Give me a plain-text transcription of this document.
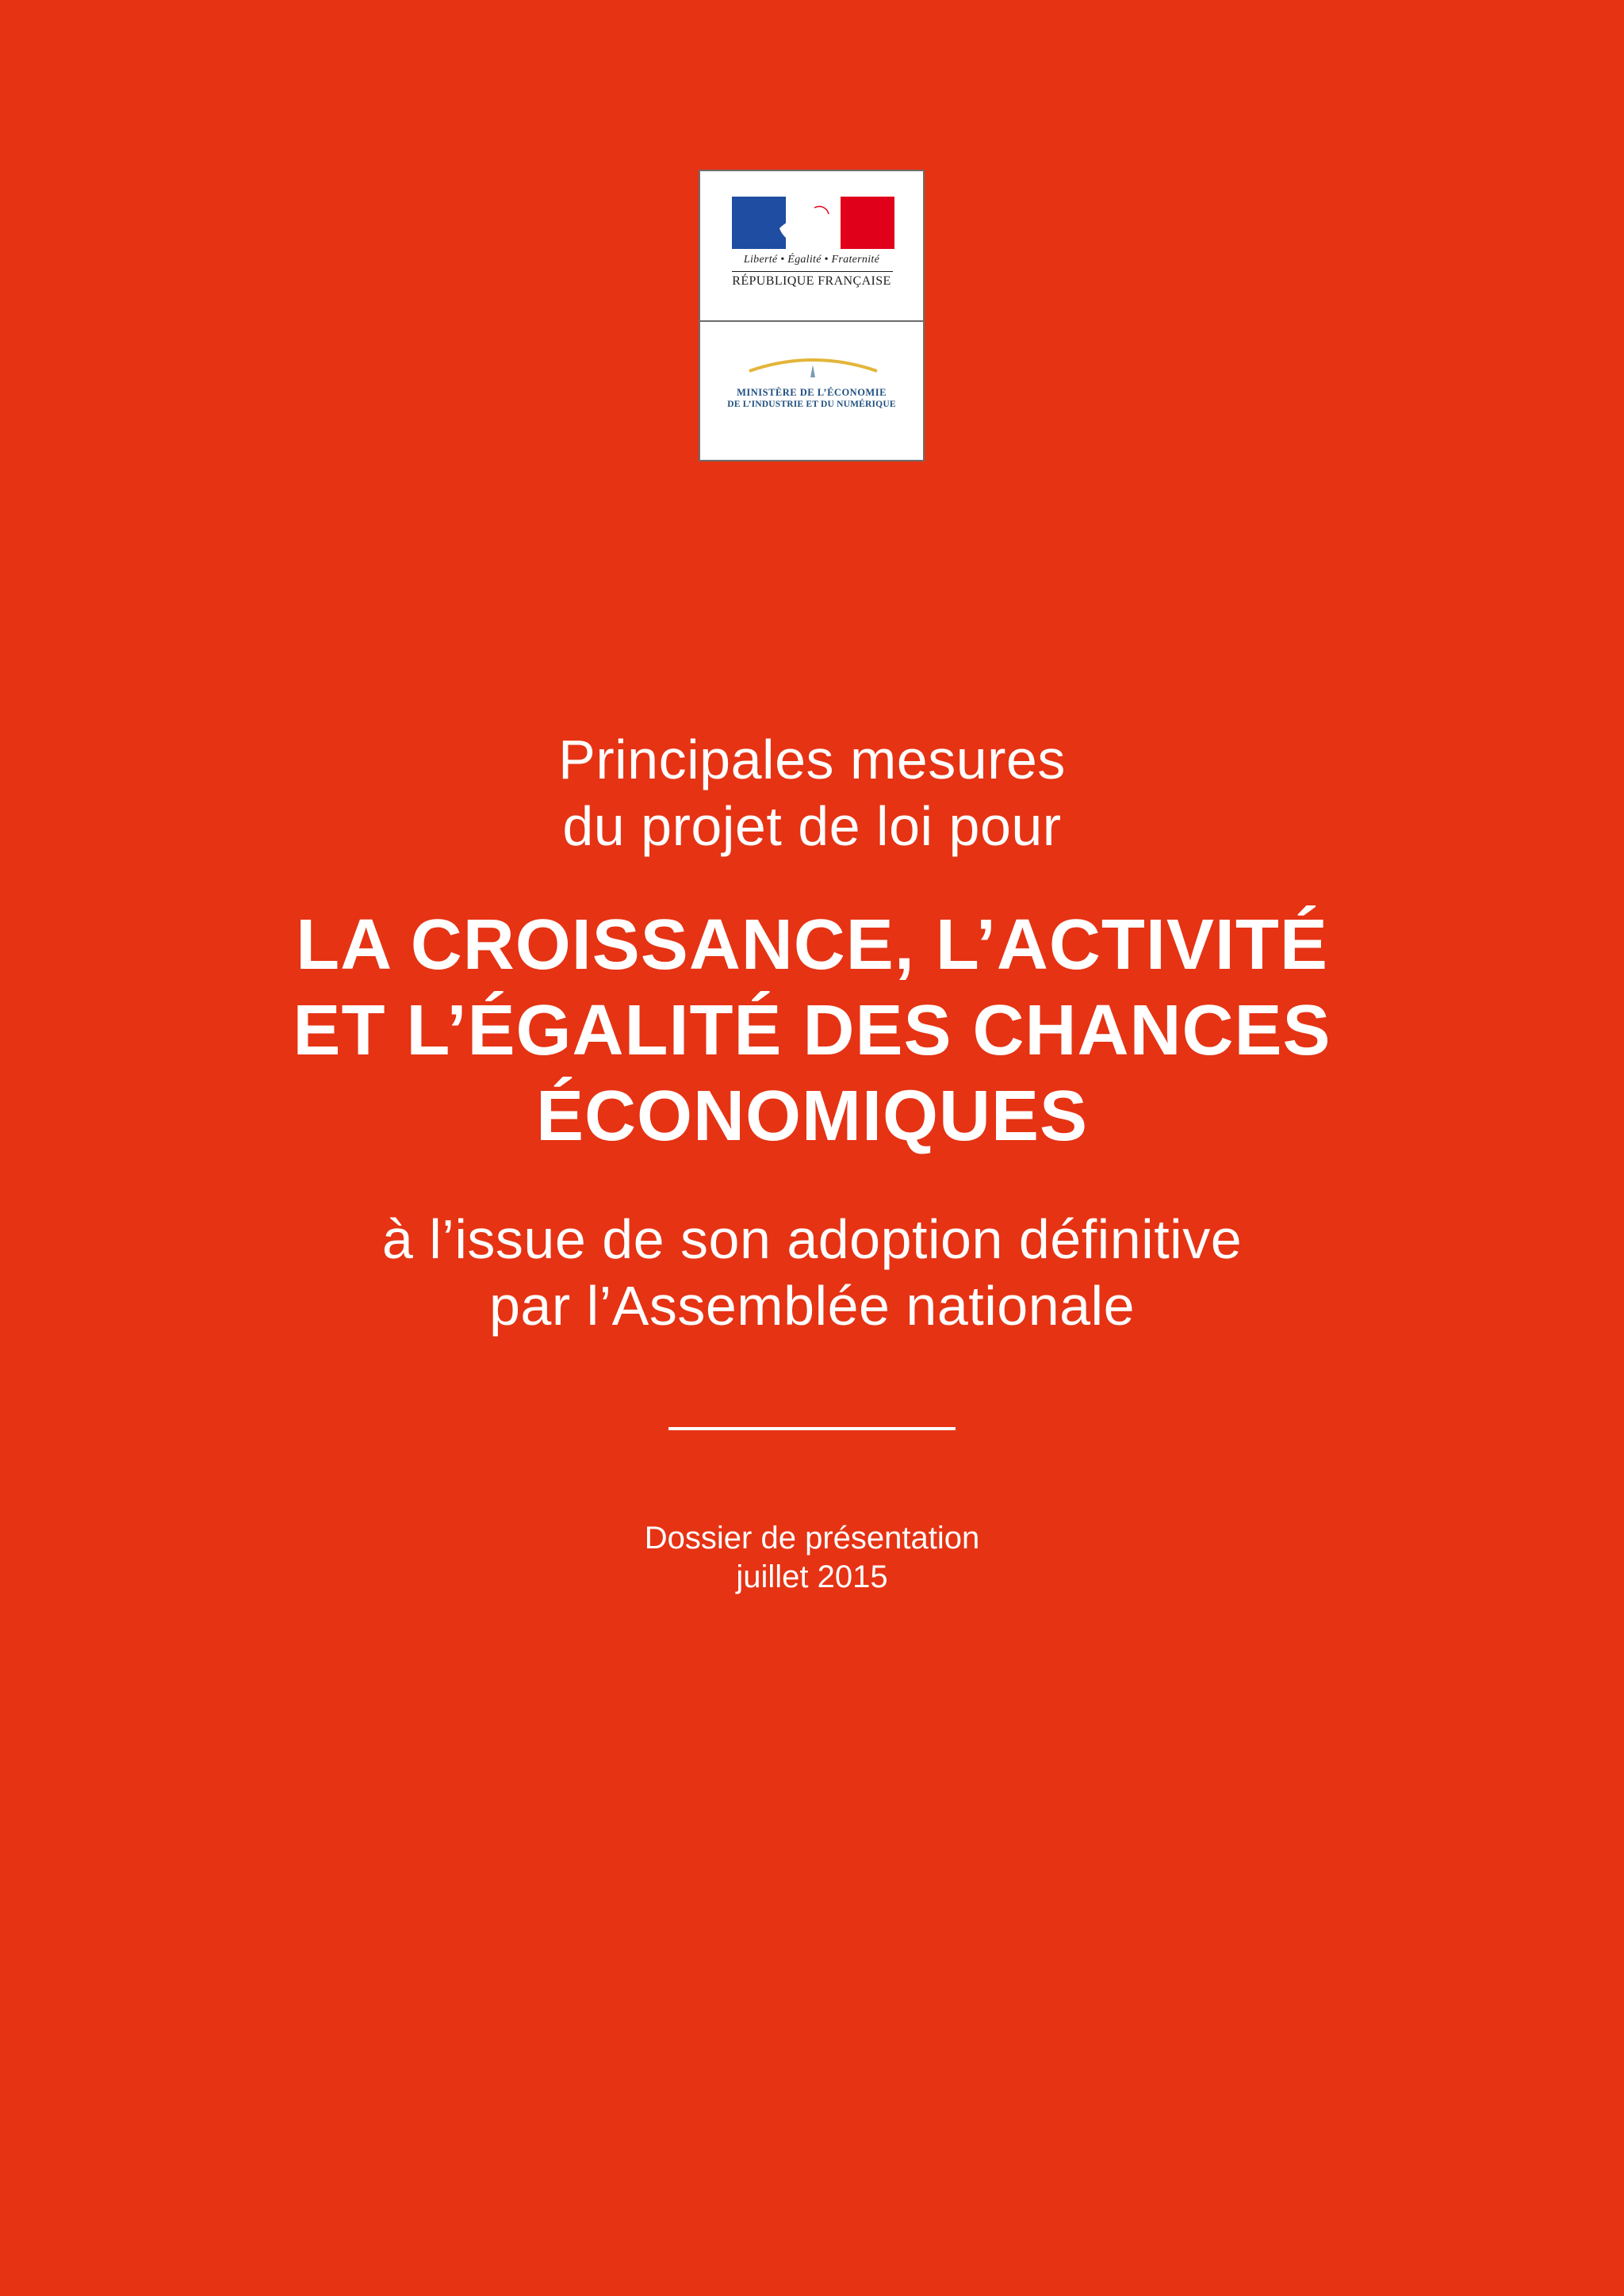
Liberté • Égalité • Fraternité
RÉPUBLIQUE FRANÇAISE
MINISTÈRE DE L’ÉCONOMIE
DE L’INDUSTRIE ET DU NUMÉRIQUE
Principales mesures
du projet de loi pour
LA CROISSANCE, L’ACTIVITÉ
ET L’ÉGALITÉ DES CHANCES
ÉCONOMIQUES
à l’issue de son adoption définitive
par l’Assemblée nationale
Dossier de présentation
juillet 2015
